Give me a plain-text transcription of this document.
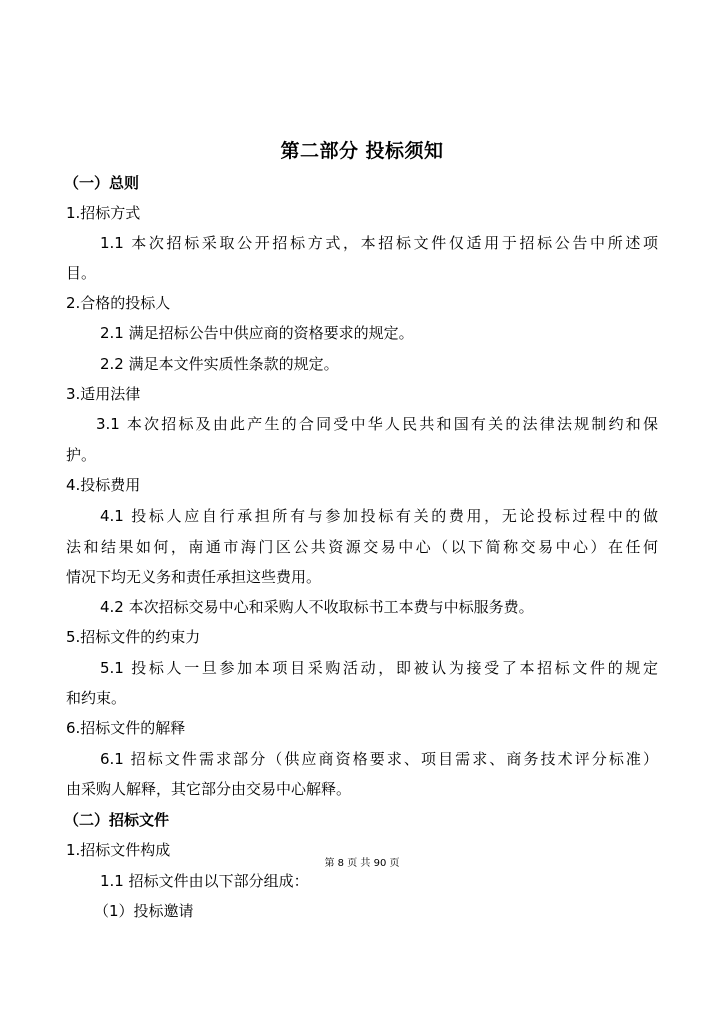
第二部分 投标须知
（一）总则
1.招标方式
1.1 本次招标采取公开招标方式，本招标文件仅适用于招标公告中所述项
目。
2.合格的投标人
2.1 满足招标公告中供应商的资格要求的规定。
2.2 满足本文件实质性条款的规定。
3.适用法律
3.1 本次招标及由此产生的合同受中华人民共和国有关的法律法规制约和保
护。
4.投标费用
4.1 投标人应自行承担所有与参加投标有关的费用，无论投标过程中的做
法和结果如何，南通市海门区公共资源交易中心（以下简称交易中心）在任何
情况下均无义务和责任承担这些费用。
4.2 本次招标交易中心和采购人不收取标书工本费与中标服务费。
5.招标文件的约束力
5.1 投标人一旦参加本项目采购活动，即被认为接受了本招标文件的规定
和约束。
6.招标文件的解释
6.1 招标文件需求部分（供应商资格要求、项目需求、商务技术评分标准）
由采购人解释，其它部分由交易中心解释。
（二）招标文件
1.招标文件构成
1.1 招标文件由以下部分组成：
（1）投标邀请
第 8 页 共 90 页
